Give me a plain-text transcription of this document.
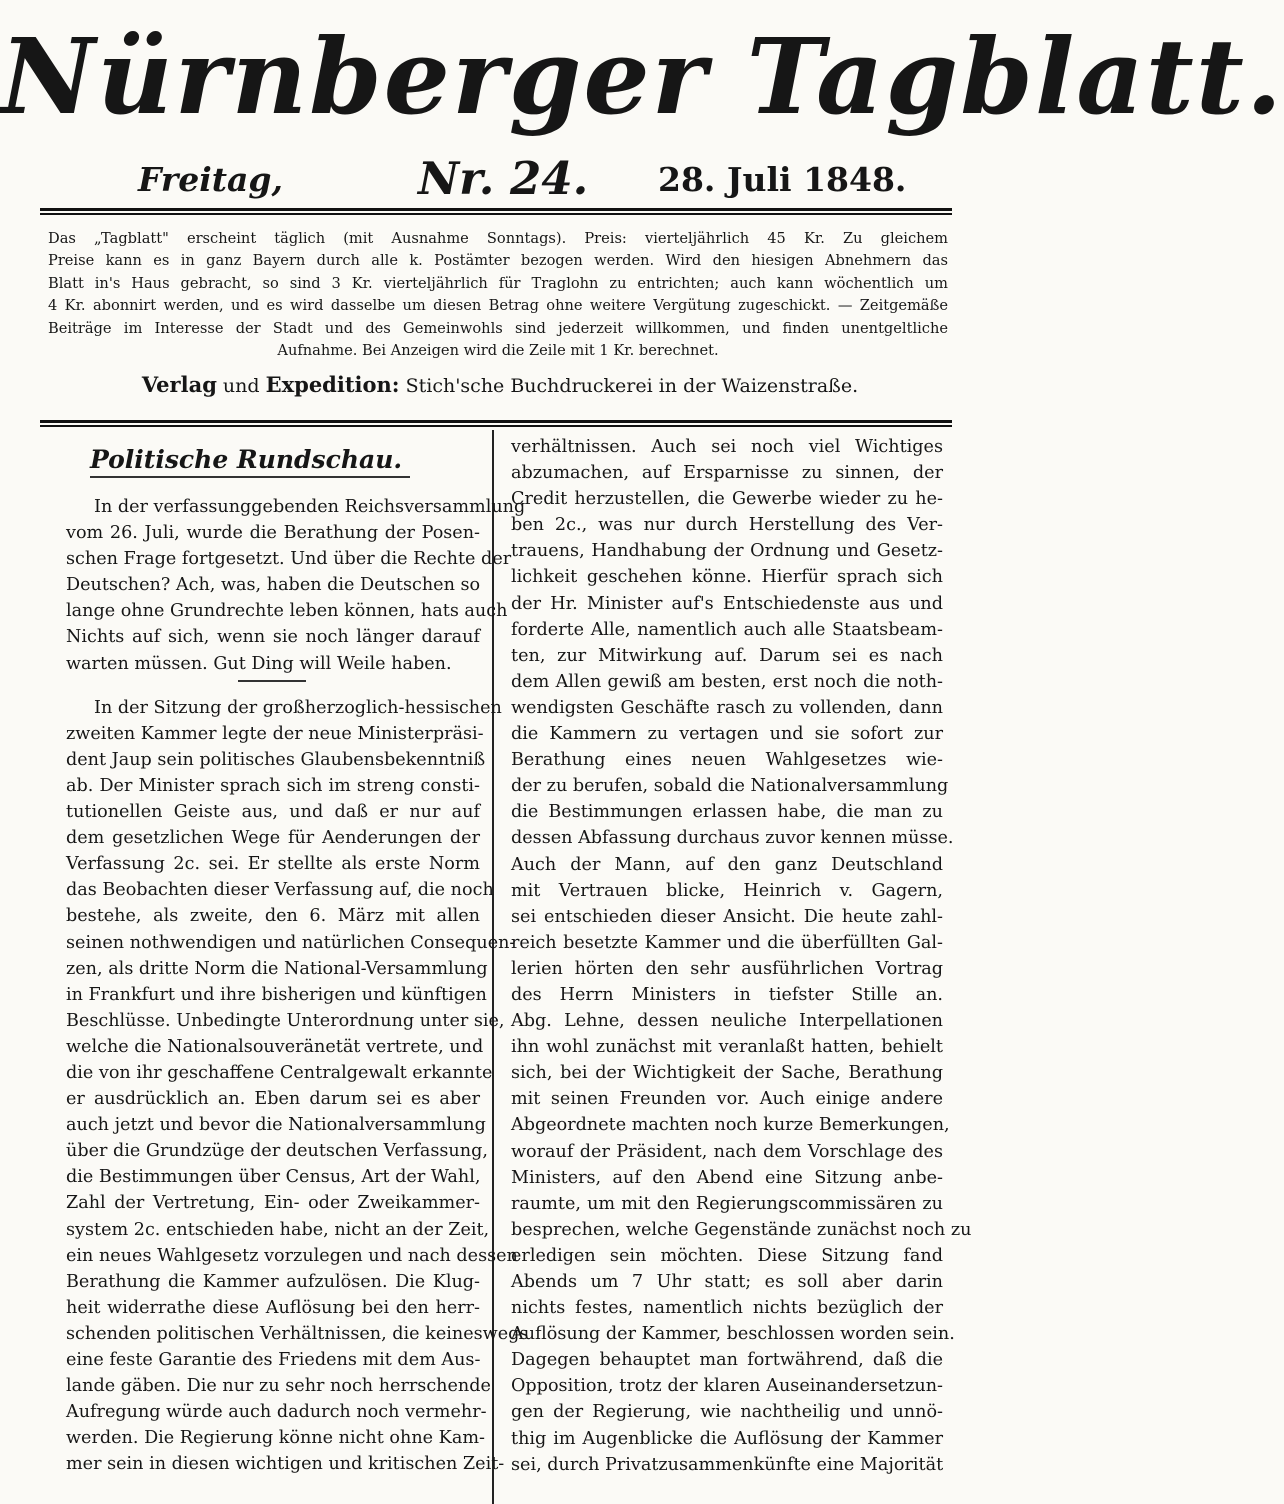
Nürnberger Tagblatt.
Freitag,	Nr. 24. 28. Juli 1848.
Das „Tagblatt" erscheint täglich (mit Ausnahme Sonntags). Preis: vierteljährlich 45 Kr. Zu gleichem
Preise kann es in ganz Bayern durch alle k. Postämter bezogen werden. Wird den hiesigen Abnehmern das
Blatt in's Haus gebracht, so sind 3 Kr. vierteljährlich für Traglohn zu entrichten; auch kann wöchentlich um
4 Kr. abonnirt werden, und es wird dasselbe um diesen Betrag ohne weitere Vergütung zugeschickt. — Zeitgemäße
Beiträge im Interesse der Stadt und des Gemeinwohls sind jederzeit willkommen, und finden unentgeltliche
Aufnahme. Bei Anzeigen wird die Zeile mit 1 Kr. berechnet.
Verlag und Expedition: Stich'sche Buchdruckerei in der Waizenstraße.
Politische Rundschau.
In der verfassunggebenden Reichsversammlung
vom 26. Juli, wurde die Berathung der Posen-
schen Frage fortgesetzt. Und über die Rechte der
Deutschen? Ach, was, haben die Deutschen so
lange ohne Grundrechte leben können, hats auch
Nichts auf sich, wenn sie noch länger darauf
warten müssen. Gut Ding will Weile haben.
In der Sitzung der großherzoglich-hessischen
zweiten Kammer legte der neue Ministerpräsi-
dent Jaup sein politisches Glaubensbekenntniß
ab. Der Minister sprach sich im streng consti-
tutionellen Geiste aus, und daß er nur auf
dem gesetzlichen Wege für Aenderungen der
Verfassung 2c. sei. Er stellte als erste Norm
das Beobachten dieser Verfassung auf, die noch
bestehe, als zweite, den 6. März mit allen
seinen nothwendigen und natürlichen Consequen-
zen, als dritte Norm die National-Versammlung
in Frankfurt und ihre bisherigen und künftigen
Beschlüsse. Unbedingte Unterordnung unter sie,
welche die Nationalsouveränetät vertrete, und
die von ihr geschaffene Centralgewalt erkannte
er ausdrücklich an. Eben darum sei es aber
auch jetzt und bevor die Nationalversammlung
über die Grundzüge der deutschen Verfassung,
die Bestimmungen über Census, Art der Wahl,
Zahl der Vertretung, Ein- oder Zweikammer-
system 2c. entschieden habe, nicht an der Zeit,
ein neues Wahlgesetz vorzulegen und nach dessen
Berathung die Kammer aufzulösen. Die Klug-
heit widerrathe diese Auflösung bei den herr-
schenden politischen Verhältnissen, die keineswegs
eine feste Garantie des Friedens mit dem Aus-
lande gäben. Die nur zu sehr noch herrschende
Aufregung würde auch dadurch noch vermehr-
werden. Die Regierung könne nicht ohne Kam-
mer sein in diesen wichtigen und kritischen Zeit-
verhältnissen. Auch sei noch viel Wichtiges
abzumachen, auf Ersparnisse zu sinnen, der
Credit herzustellen, die Gewerbe wieder zu he-
ben 2c., was nur durch Herstellung des Ver-
trauens, Handhabung der Ordnung und Gesetz-
lichkeit geschehen könne. Hierfür sprach sich
der Hr. Minister auf's Entschiedenste aus und
forderte Alle, namentlich auch alle Staatsbeam-
ten, zur Mitwirkung auf. Darum sei es nach
dem Allen gewiß am besten, erst noch die noth-
wendigsten Geschäfte rasch zu vollenden, dann
die Kammern zu vertagen und sie sofort zur
Berathung eines neuen Wahlgesetzes wie-
der zu berufen, sobald die Nationalversammlung
die Bestimmungen erlassen habe, die man zu
dessen Abfassung durchaus zuvor kennen müsse.
Auch der Mann, auf den ganz Deutschland
mit Vertrauen blicke, Heinrich v. Gagern,
sei entschieden dieser Ansicht. Die heute zahl-
reich besetzte Kammer und die überfüllten Gal-
lerien hörten den sehr ausführlichen Vortrag
des Herrn Ministers in tiefster Stille an.
Abg. Lehne, dessen neuliche Interpellationen
ihn wohl zunächst mit veranlaßt hatten, behielt
sich, bei der Wichtigkeit der Sache, Berathung
mit seinen Freunden vor. Auch einige andere
Abgeordnete machten noch kurze Bemerkungen,
worauf der Präsident, nach dem Vorschlage des
Ministers, auf den Abend eine Sitzung anbe-
raumte, um mit den Regierungscommissären zu
besprechen, welche Gegenstände zunächst noch zu
erledigen sein möchten. Diese Sitzung fand
Abends um 7 Uhr statt; es soll aber darin
nichts festes, namentlich nichts bezüglich der
Auflösung der Kammer, beschlossen worden sein.
Dagegen behauptet man fortwährend, daß die
Opposition, trotz der klaren Auseinandersetzun-
gen der Regierung, wie nachtheilig und unnö-
thig im Augenblicke die Auflösung der Kammer
sei, durch Privatzusammenkünfte eine Majorität
